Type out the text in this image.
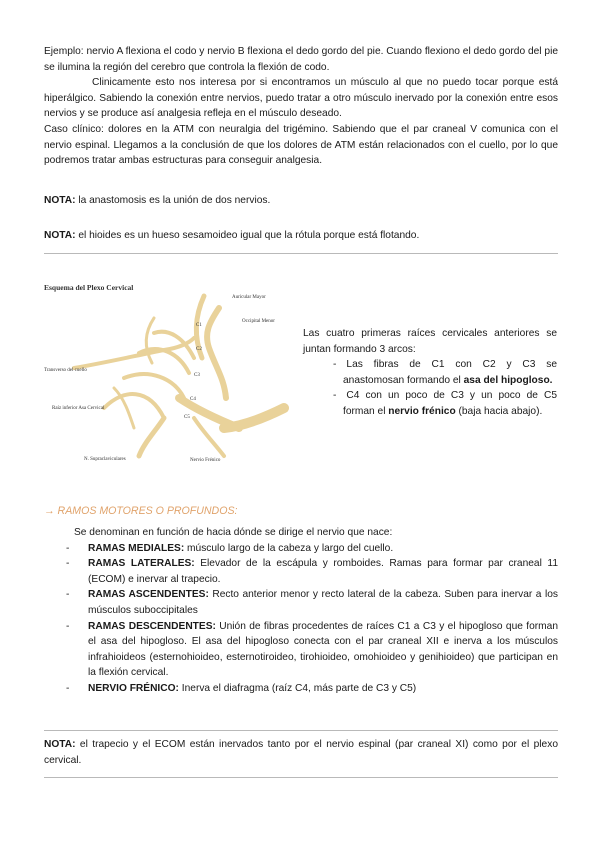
Ejemplo: nervio A flexiona el codo y nervio B flexiona el dedo gordo del pie. Cuando flexiono el dedo gordo del pie se ilumina la región del cerebro que controla la flexión de codo.

Clinicamente esto nos interesa por si encontramos un músculo al que no puedo tocar porque está hiperálgico. Sabiendo la conexión entre nervios, puedo tratar a otro músculo inervado por la conexión entre esos nervios y se produce así analgesia refleja en el músculo deseado.

Caso clínico: dolores en la ATM con neuralgia del trigémino. Sabiendo que el par craneal V comunica con el nervio espinal. Llegamos a la conclusión de que los dolores de ATM están relacionados con el cuello, por lo que podremos tratar ambas estructuras para conseguir analgesia.

NOTA: la anastomosis es la unión de dos nervios.

NOTA: el hioides es un hueso sesamoideo igual que la rótula porque está flotando.

Esquema del Plexo Cervical
Auricular Mayor
Occipital Menor
Transverso del cuello
Raíz inferior Asa Cervical
N. Supraclaviculares	Nervio Frénico
C1
C2
C3
C4
C5

Las cuatro primeras raíces cervicales anteriores se juntan formando 3 arcos:

- Las fibras de C1 con C2 y C3 se anastomosan formando el asa del hipogloso.

- C4 con un poco de C3 y un poco de C5 forman el nervio frénico (baja hacia abajo).

→ RAMOS MOTORES O PROFUNDOS:

Se denominan en función de hacia dónde se dirige el nervio que nace:

- RAMAS MEDIALES: músculo largo de la cabeza y largo del cuello.
- RAMAS LATERALES: Elevador de la escápula y romboides. Ramas para formar par craneal 11 (ECOM) e inervar al trapecio.
- RAMAS ASCENDENTES: Recto anterior menor y recto lateral de la cabeza. Suben para inervar a los músculos suboccipitales
- RAMAS DESCENDENTES: Unión de fibras procedentes de raíces C1 a C3 y el hipogloso que forman el asa del hipogloso. El asa del hipogloso conecta con el par craneal XII e inerva a los músculos infrahioideos (esternohioideo, esternotiroideo, tirohioideo, omohioideo y genihioideo) que participan en la flexión cervical.
- NERVIO FRÉNICO: Inerva el diafragma (raíz C4, más parte de C3 y C5)

NOTA: el trapecio y el ECOM están inervados tanto por el nervio espinal (par craneal XI) como por el plexo cervical.
